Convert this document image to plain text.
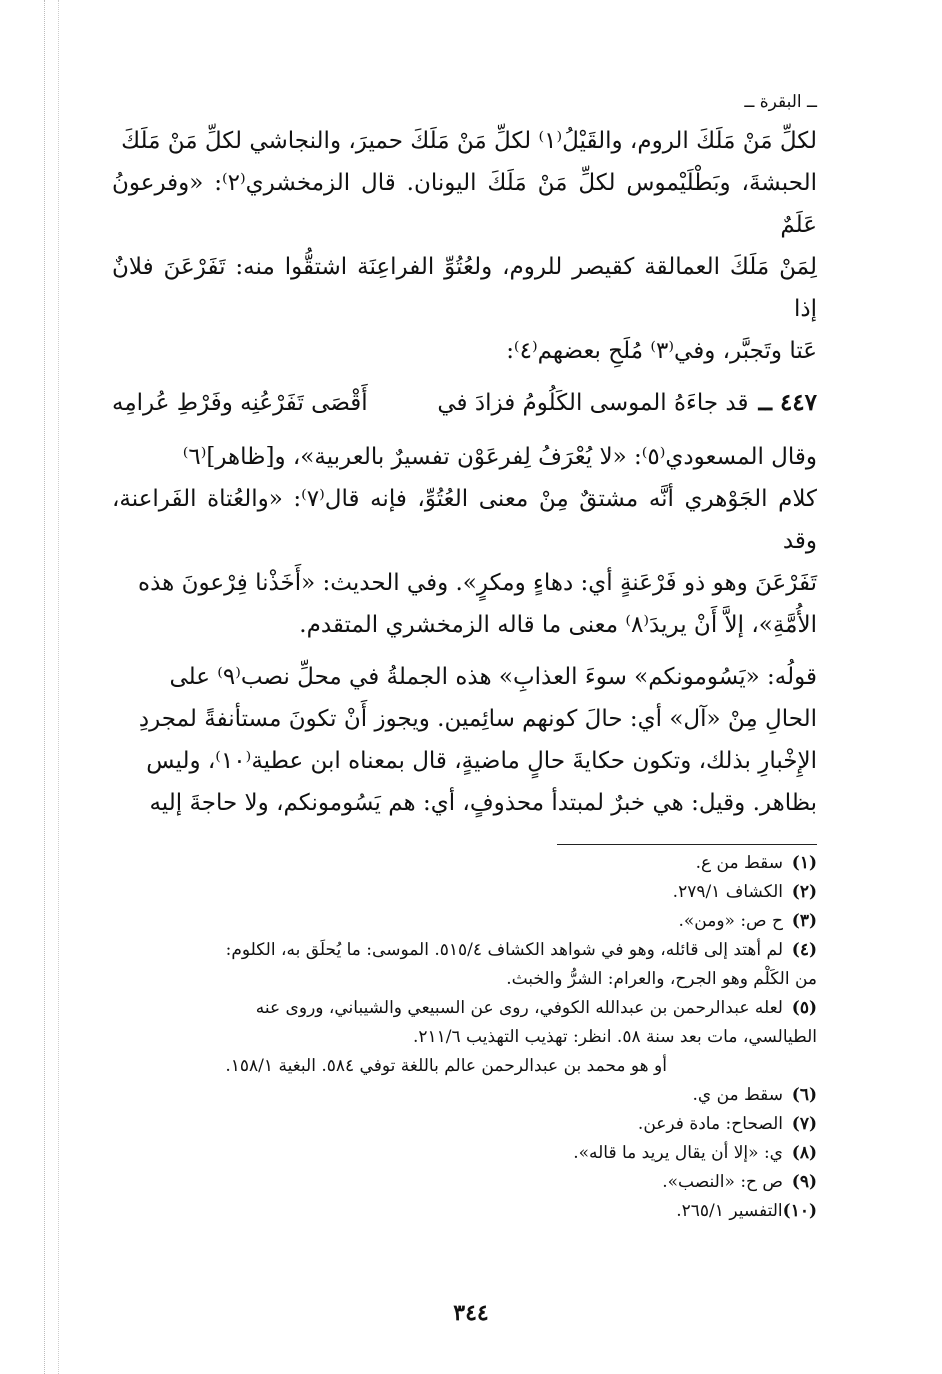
ــ البقرة ــ

لكلِّ مَنْ مَلَكَ الروم، والقَيْلُ⁽١⁾ لكلِّ مَنْ مَلَكَ حميرَ، والنجاشي لكلِّ مَنْ مَلَكَ

الحبشةَ، وبَطْلَيْموس لكلِّ مَنْ مَلَكَ اليونان. قال الزمخشري⁽٢⁾: «وفرعونُ عَلَمٌ

لِمَنْ مَلَكَ العمالقة كقيصر للروم، ولعُتُوِّ الفراعِنَة اشتقُّوا منه: تَفَرْعَنَ فلانٌ إذا

عَتا وتَجبَّر، وفي⁽٣⁾ مُلَحِ بعضهم⁽٤⁾:

٤٤٧ ــ
قد جاءَهُ الموسى الكَلُومُ فزادَ في
أَقْصَى تَفَرْعُنِه وفَرْطِ عُرامِه

وقال المسعودي⁽٥⁾: «لا يُعْرَفُ لِفرعَوْن تفسيرٌ بالعربية»، و[ظاهر]⁽٦⁾

كلام الجَوْهري أنَّه مشتقٌ مِنْ معنى العُتُوِّ، فإنه قال⁽٧⁾: «والعُتاة الفَراعنة، وقد

تَفَرْعَنَ وهو ذو فَرْعَنةٍ أي: دهاءٍ ومكرٍ». وفي الحديث: «أَخَذْنا فِرْعونَ هذه

الأُمَّةِ»، إلاَّ أَنْ يريدَ⁽٨⁾ معنى ما قاله الزمخشري المتقدم.

قولُه: «يَسُومونكم» سوءَ العذابِ» هذه الجملةُ في محلِّ نصب⁽٩⁾ على

الحالِ مِنْ «آل» أي: حالَ كونهم سائِمين. ويجوز أَنْ تكونَ مستأنفةً لمجردِ

الإِخْبارِ بذلك، وتكون حكايةَ حالٍ ماضيةٍ، قال بمعناه ابن عطية⁽١٠⁾، وليس

بظاهر. وقيل: هي خبرٌ لمبتدأ محذوفٍ، أي: هم يَسُومونكم، ولا حاجةَ إليه

(١)
سقط من ع.
(٢)
الكشاف ٢٧٩/١.
(٣)
ح ص: «ومن».
(٤)
لم أهتد إلى قائله، وهو في شواهد الكشاف ٥١٥/٤. الموسى: ما يُحلَق به، الكلوم:
من الكَلْم وهو الجرح، والعرام: الشرُّ والخبث.
(٥)
لعله عبدالرحمن بن عبدالله الكوفي، روى عن السبيعي والشيباني، وروى عنه
الطيالسي، مات بعد سنة ٥٨. انظر: تهذيب التهذيب ٢١١/٦.
أو هو محمد بن عبدالرحمن عالم باللغة توفي ٥٨٤. البغية ١٥٨/١.
(٦)
سقط من ي.
(٧)
الصحاح: مادة فرعن.
(٨)
ي: «إلا أن يقال يريد ما قاله».
(٩)
ص ح: «النصب».
(١٠)
التفسير ٢٦٥/١.
٣٤٤
